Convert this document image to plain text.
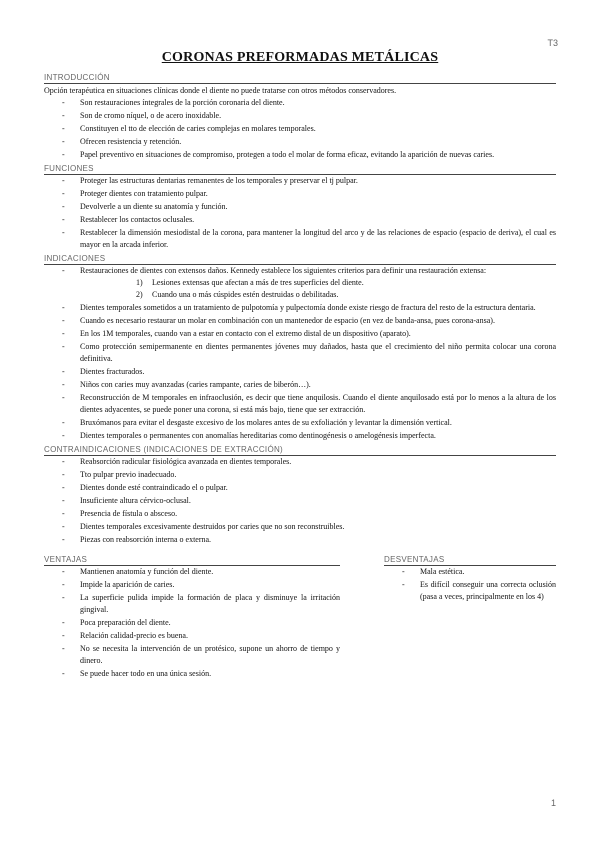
T3
CORONAS PREFORMADAS METÁLICAS
INTRODUCCIÓN

Opción terapéutica en situaciones clínicas donde el diente no puede tratarse con otros métodos conservadores.

- Son restauraciones íntegrales de la porción coronaria del diente.
- Son de cromo níquel, o de acero inoxidable.
- Constituyen el tto de elección de caries complejas en molares temporales.
- Ofrecen resistencia y retención.
- Papel preventivo en situaciones de compromiso, protegen a todo el molar de forma eficaz, evitando la aparición de nuevas caries.
FUNCIONES
- Proteger las estructuras dentarias remanentes de los temporales y preservar el tj pulpar.
- Proteger dientes con tratamiento pulpar.
- Devolverle a un diente su anatomía y función.
- Restablecer los contactos oclusales.
- Restablecer la dimensión mesiodistal de la corona, para mantener la longitud del arco y de las relaciones de espacio (espacio de deriva), el cual es mayor en la arcada inferior.
INDICACIONES
- Restauraciones de dientes con extensos daños. Kennedy establece los siguientes criterios para definir una restauración extensa:
1) Lesiones extensas que afectan a más de tres superficies del diente.
2) Cuando una o más cúspides estén destruidas o debilitadas.
- Dientes temporales sometidos a un tratamiento de pulpotomía y pulpectomía donde existe riesgo de fractura del resto de la estructura dentaria.
- Cuando es necesario restaurar un molar en combinación con un mantenedor de espacio (en vez de banda-ansa, pues corona-ansa).
- En los 1M temporales, cuando van a estar en contacto con el extremo distal de un dispositivo (aparato).
- Como protección semipermanente en dientes permanentes jóvenes muy dañados, hasta que el crecimiento del niño permita colocar una corona definitiva.
- Dientes fracturados.
- Niños con caries muy avanzadas (caries rampante, caries de biberón…).
- Reconstrucción de M temporales en infraoclusión, es decir que tiene anquilosis. Cuando el diente anquilosado está por lo menos a la altura de los dientes adyacentes, se puede poner una corona, si está más bajo, tiene que ser extracción.
- Bruxómanos para evitar el desgaste excesivo de los molares antes de su exfoliación y levantar la dimensión vertical.
- Dientes temporales o permanentes con anomalías hereditarias como dentinogénesis o amelogénesis imperfecta.
CONTRAINDICACIONES (INDICACIONES DE EXTRACCIÓN)
- Reabsorción radicular fisiológica avanzada en dientes temporales.
- Tto pulpar previo inadecuado.
- Dientes donde esté contraindicado el o pulpar.
- Insuficiente altura cérvico-oclusal.
- Presencia de fístula o absceso.
- Dientes temporales excesivamente destruidos por caries que no son reconstruibles.
- Piezas con reabsorción interna o externa.
VENTAJAS
- Mantienen anatomía y función del diente.
- Impide la aparición de caries.
- La superficie pulida impide la formación de placa y disminuye la irritación gingival.
- Poca preparación del diente.
- Relación calidad-precio es buena.
- No se necesita la intervención de un protésico, supone un ahorro de tiempo y dinero.
- Se puede hacer todo en una única sesión.
DESVENTAJAS
- Mala estética.
- Es difícil conseguir una correcta oclusión (pasa a veces, principalmente en los 4)
1
